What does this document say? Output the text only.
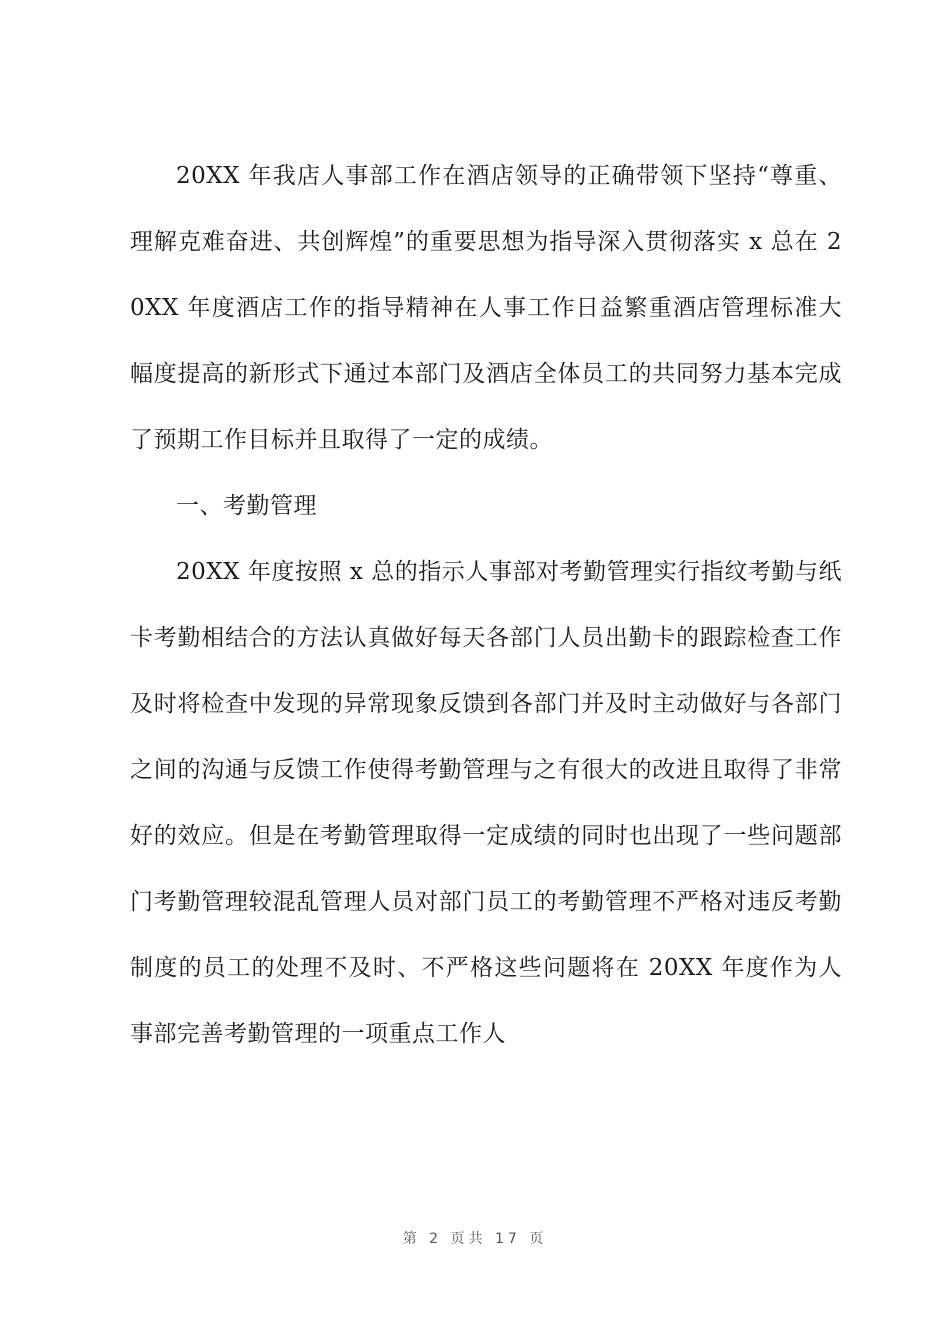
20XX 年我店人事部工作在酒店领导的正确带领下坚持“尊重、理解克难奋进、共创辉煌”的重要思想为指导深入贯彻落实 x 总在 20XX 年度酒店工作的指导精神在人事工作日益繁重酒店管理标准大幅度提高的新形式下通过本部门及酒店全体员工的共同努力基本完成了预期工作目标并且取得了一定的成绩。

一、考勤管理

20XX 年度按照 x 总的指示人事部对考勤管理实行指纹考勤与纸卡考勤相结合的方法认真做好每天各部门人员出勤卡的跟踪检查工作及时将检查中发现的异常现象反馈到各部门并及时主动做好与各部门之间的沟通与反馈工作使得考勤管理与之有很大的改进且取得了非常好的效应。但是在考勤管理取得一定成绩的同时也出现了一些问题部门考勤管理较混乱管理人员对部门员工的考勤管理不严格对违反考勤制度的员工的处理不及时、不严格这些问题将在 20XX 年度作为人事部完善考勤管理的一项重点工作人

第 2 页共 17 页
